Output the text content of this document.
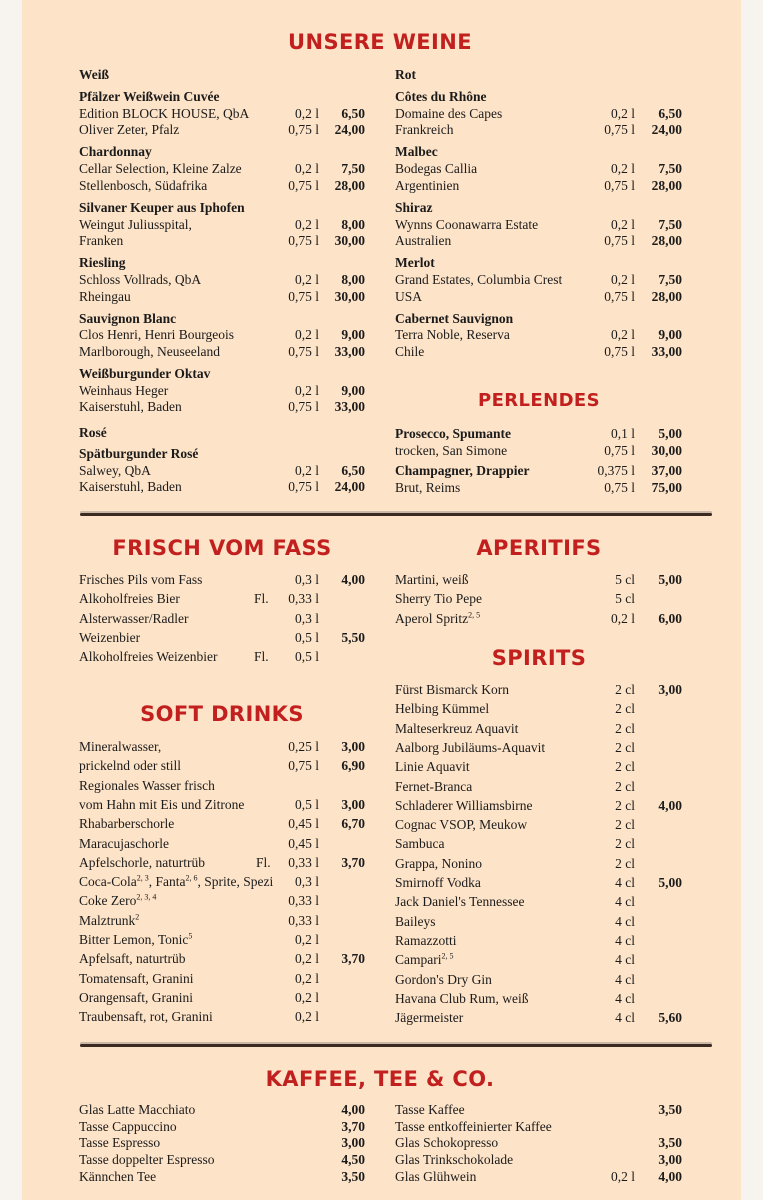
UNSERE WEINE
PERLENDES
FRISCH VOM FASS	APERITIFS
SPIRITS
SOFT DRINKS
KAFFEE, TEE & CO.
Weiß
Pfälzer Weißwein Cuvée
Edition BLOCK HOUSE, QbA	0,2 l	6,50
Oliver Zeter, Pfalz	0,75 l	24,00
Chardonnay
Cellar Selection, Kleine Zalze	0,2 l	7,50
Stellenbosch, Südafrika	0,75 l	28,00
Silvaner Keuper aus Iphofen
Weingut Juliusspital,	0,2 l	8,00
Franken	0,75 l	30,00
Riesling
Schloss Vollrads, QbA	0,2 l	8,00
Rheingau	0,75 l	30,00
Sauvignon Blanc
Clos Henri, Henri Bourgeois	0,2 l	9,00
Marlborough, Neuseeland	0,75 l	33,00
Weißburgunder Oktav
Weinhaus Heger	0,2 l	9,00
Kaiserstuhl, Baden	0,75 l	33,00
Rosé
Spätburgunder Rosé
Salwey, QbA	0,2 l	6,50
Kaiserstuhl, Baden	0,75 l	24,00
Rot
Côtes du Rhône
Domaine des Capes	0,2 l	6,50
Frankreich	0,75 l	24,00
Malbec
Bodegas Callia	0,2 l	7,50
Argentinien	0,75 l	28,00
Shiraz
Wynns Coonawarra Estate	0,2 l	7,50
Australien	0,75 l	28,00
Merlot
Grand Estates, Columbia Crest	0,2 l	7,50
USA	0,75 l	28,00
Cabernet Sauvignon
Terra Noble, Reserva	0,2 l	9,00
Chile	0,75 l	33,00
Prosecco, Spumante	0,1 l	5,00
trocken, San Simone	0,75 l	30,00
Champagner, Drappier	0,375 l	37,00
Brut, Reims	0,75 l	75,00
Frisches Pils vom Fass	0,3 l	4,00
Alkoholfreies Bier	Fl.	0,33 l
Alsterwasser/Radler	0,3 l
Weizenbier	0,5 l	5,50
Alkoholfreies Weizenbier	Fl.	0,5 l
Martini, weiß	5 cl	5,00
Sherry Tio Pepe	5 cl
Aperol Spritz$^{2, 5}$	0,2 l	6,00
Fürst Bismarck Korn	2 cl	3,00
Helbing Kümmel	2 cl
Malteserkreuz Aquavit	2 cl
Aalborg Jubiläums-Aquavit	2 cl
Linie Aquavit	2 cl
Fernet-Branca	2 cl
Schladerer Williamsbirne	2 cl	4,00
Cognac VSOP, Meukow	2 cl
Sambuca	2 cl
Grappa, Nonino	2 cl
Smirnoff Vodka	4 cl	5,00
Jack Daniel's Tennessee	4 cl
Baileys	4 cl
Ramazzotti	4 cl
Campari$^{2, 5}$	4 cl
Gordon's Dry Gin	4 cl
Havana Club Rum, weiß	4 cl
Jägermeister	4 cl	5,60
Mineralwasser,	0,25 l	3,00
prickelnd oder still	0,75 l	6,90
Regionales Wasser frisch
vom Hahn mit Eis und Zitrone	0,5 l	3,00
Rhabarberschorle	0,45 l	6,70
Maracujaschorle	0,45 l
Apfelschorle, naturtrüb	Fl.	0,33 l	3,70
Coca-Cola$^{2, 3}$, Fanta$^{2, 6}$, Sprite, Spezi	0,3 l
Coke Zero$^{2, 3, 4}$	0,33 l
Malztrunk$^2$	0,33 l
Bitter Lemon, Tonic$^5$	0,2 l
Apfelsaft, naturtrüb	0,2 l	3,70
Tomatensaft, Granini	0,2 l
Orangensaft, Granini	0,2 l
Traubensaft, rot, Granini	0,2 l
Glas Latte Macchiato	4,00
Tasse Cappuccino	3,70
Tasse Espresso	3,00
Tasse doppelter Espresso	4,50
Kännchen Tee	3,50
Tasse Kaffee	3,50
Tasse entkoffeinierter Kaffee
Glas Schokopresso	3,50
Glas Trinkschokolade	3,00
Glas Glühwein	0,2 l	4,00
